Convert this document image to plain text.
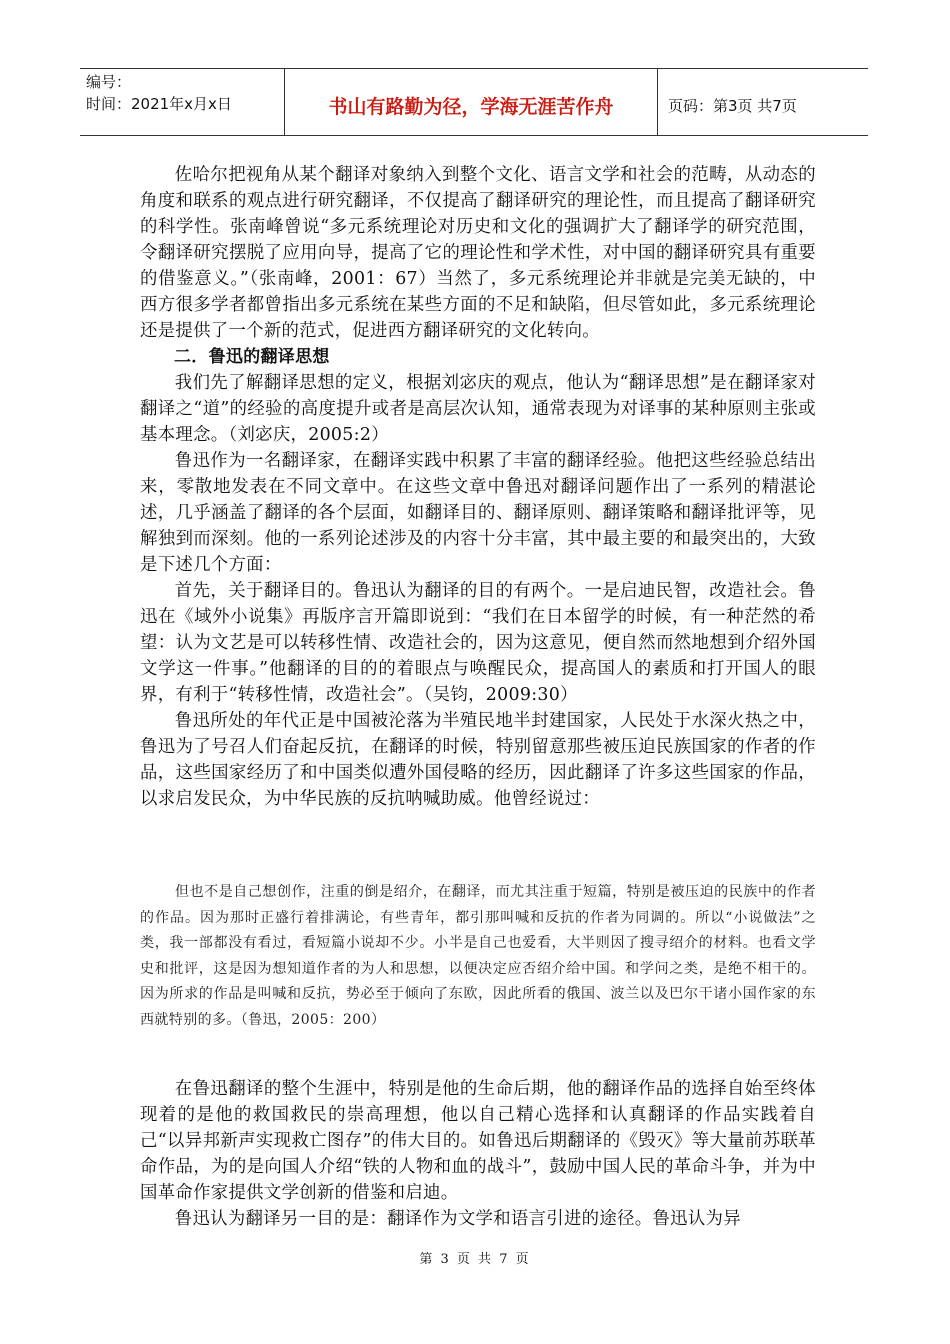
编号：
时间：2021年x月x日	书山有路勤为径，学海无涯苦作舟	页码：第3页 共7页

佐哈尔把视角从某个翻译对象纳入到整个文化、语言文学和社会的范畴，从动态的角度和联系的观点进行研究翻译，不仅提高了翻译研究的理论性，而且提高了翻译研究的科学性。张南峰曾说“多元系统理论对历史和文化的强调扩大了翻译学的研究范围，令翻译研究摆脱了应用向导，提高了它的理论性和学术性，对中国的翻译研究具有重要的借鉴意义。”（张南峰，2001：67）当然了，多元系统理论并非就是完美无缺的，中西方很多学者都曾指出多元系统在某些方面的不足和缺陷，但尽管如此，多元系统理论还是提供了一个新的范式，促进西方翻译研究的文化转向。

二．鲁迅的翻译思想

我们先了解翻译思想的定义，根据刘宓庆的观点，他认为“翻译思想”是在翻译家对翻译之“道”的经验的高度提升或者是高层次认知，通常表现为对译事的某种原则主张或基本理念。（刘宓庆，2005:2）

鲁迅作为一名翻译家，在翻译实践中积累了丰富的翻译经验。他把这些经验总结出来，零散地发表在不同文章中。在这些文章中鲁迅对翻译问题作出了一系列的精湛论述，几乎涵盖了翻译的各个层面，如翻译目的、翻译原则、翻译策略和翻译批评等，见解独到而深刻。他的一系列论述涉及的内容十分丰富，其中最主要的和最突出的，大致是下述几个方面：

首先，关于翻译目的。鲁迅认为翻译的目的有两个。一是启迪民智，改造社会。鲁迅在《域外小说集》再版序言开篇即说到：“我们在日本留学的时候，有一种茫然的希望：认为文艺是可以转移性情、改造社会的，因为这意见，便自然而然地想到介绍外国文学这一件事。”他翻译的目的的着眼点与唤醒民众，提高国人的素质和打开国人的眼界，有利于“转移性情，改造社会”。（吴钧，2009:30）

鲁迅所处的年代正是中国被沦落为半殖民地半封建国家，人民处于水深火热之中，鲁迅为了号召人们奋起反抗，在翻译的时候，特别留意那些被压迫民族国家的作者的作品，这些国家经历了和中国类似遭外国侵略的经历，因此翻译了许多这些国家的作品，以求启发民众，为中华民族的反抗呐喊助威。他曾经说过：

但也不是自己想创作，注重的倒是绍介，在翻译，而尤其注重于短篇，特别是被压迫的民族中的作者的作品。因为那时正盛行着排满论，有些青年，都引那叫喊和反抗的作者为同调的。所以“小说做法”之类，我一部都没有看过，看短篇小说却不少。小半是自己也爱看，大半则因了搜寻绍介的材料。也看文学史和批评，这是因为想知道作者的为人和思想，以便决定应否绍介给中国。和学问之类，是绝不相干的。因为所求的作品是叫喊和反抗，势必至于倾向了东欧，因此所看的俄国、波兰以及巴尔干诸小国作家的东西就特别的多。（鲁迅，2005：200）

在鲁迅翻译的整个生涯中，特别是他的生命后期，他的翻译作品的选择自始至终体现着的是他的救国救民的崇高理想，他以自己精心选择和认真翻译的作品实践着自己“以异邦新声实现救亡图存”的伟大目的。如鲁迅后期翻译的《毁灭》等大量前苏联革命作品，为的是向国人介绍“铁的人物和血的战斗”，鼓励中国人民的革命斗争，并为中国革命作家提供文学创新的借鉴和启迪。

鲁迅认为翻译另一目的是：翻译作为文学和语言引进的途径。鲁迅认为异

第 3 页 共 7 页
